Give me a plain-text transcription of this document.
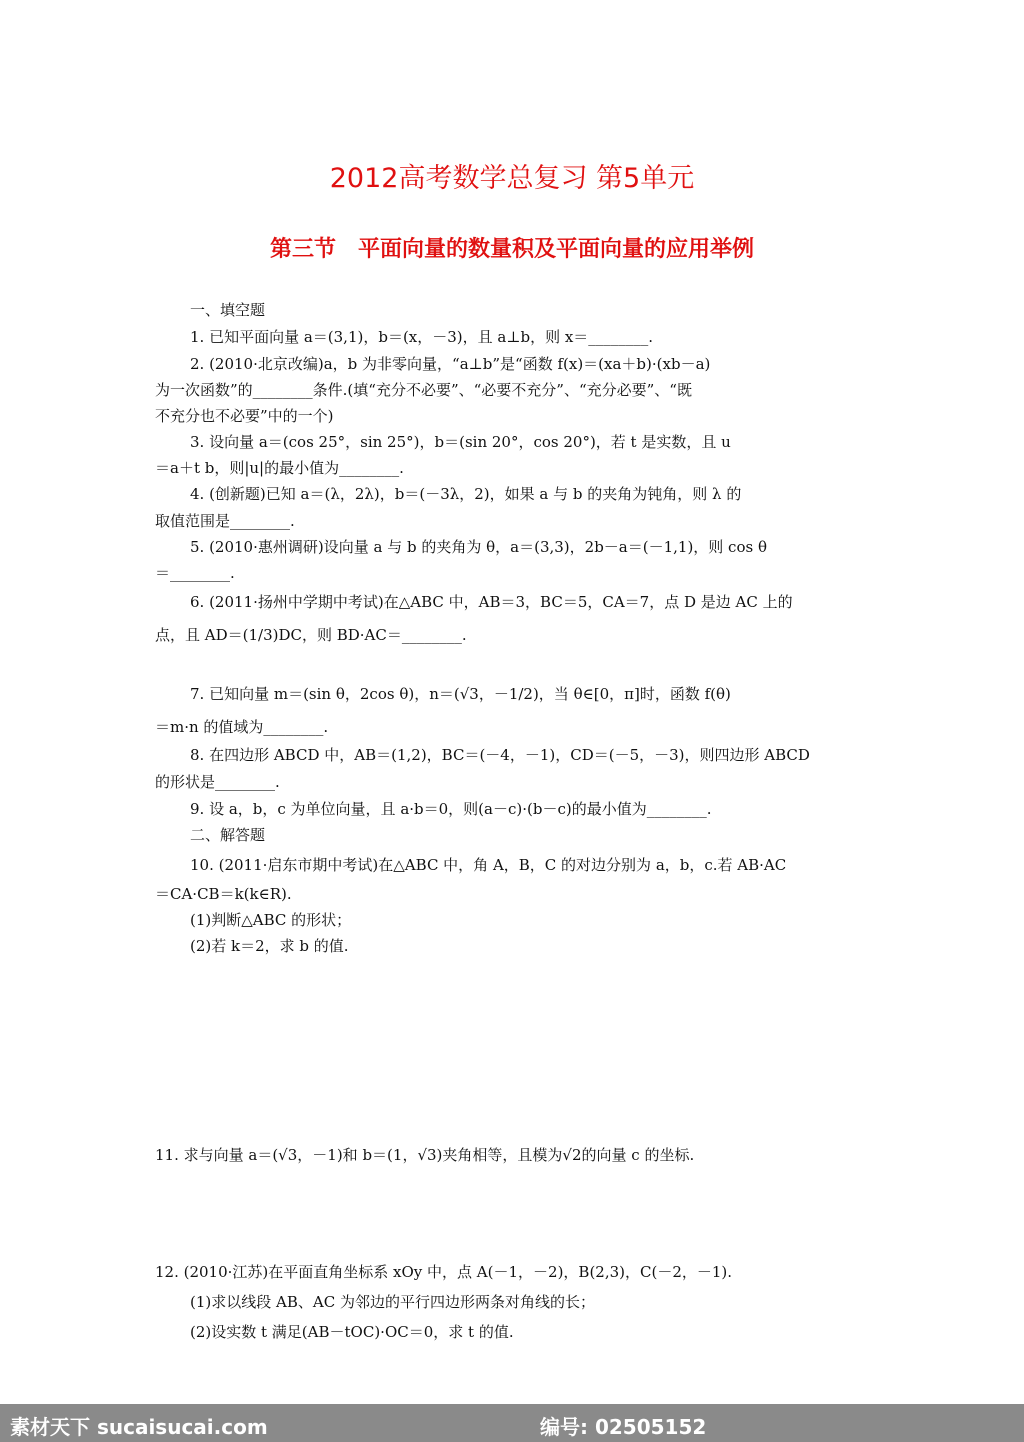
2012高考数学总复习 第5单元
第三节　平面向量的数量积及平面向量的应用举例
一、填空题
1. 已知平面向量 a＝(3,1)，b＝(x，－3)，且 a⊥b，则 x＝________.
2. (2010·北京改编)a，b 为非零向量，“a⊥b”是“函数 f(x)＝(xa＋b)·(xb－a)
为一次函数”的________条件.(填“充分不必要”、“必要不充分”、“充分必要”、“既
不充分也不必要”中的一个)
3. 设向量 a＝(cos 25°，sin 25°)，b＝(sin 20°，cos 20°)，若 t 是实数，且 u
＝a＋t b，则|u|的最小值为________.
4. (创新题)已知 a＝(λ，2λ)，b＝(－3λ，2)，如果 a 与 b 的夹角为钝角，则 λ 的
取值范围是________.
5. (2010·惠州调研)设向量 a 与 b 的夹角为 θ，a＝(3,3)，2b－a＝(－1,1)，则 cos θ
＝________.
6. (2011·扬州中学期中考试)在△ABC 中，AB＝3，BC＝5，CA＝7，点 D 是边 AC 上的
点，且 AD＝(1/3)DC，则 BD·AC＝________.
7. 已知向量 m＝(sin θ，2cos θ)，n＝(√3，－1/2)，当 θ∈[0，π]时，函数 f(θ)
＝m·n 的值域为________.
8. 在四边形 ABCD 中，AB＝(1,2)，BC＝(－4，－1)，CD＝(－5，－3)，则四边形 ABCD
的形状是________.
9. 设 a，b，c 为单位向量，且 a·b＝0，则(a－c)·(b－c)的最小值为________.
二、解答题
10. (2011·启东市期中考试)在△ABC 中，角 A，B，C 的对边分别为 a，b，c.若 AB·AC
＝CA·CB＝k(k∈R).
(1)判断△ABC 的形状；
(2)若 k＝2，求 b 的值.
11. 求与向量 a＝(√3，－1)和 b＝(1，√3)夹角相等，且模为√2的向量 c 的坐标.
12. (2010·江苏)在平面直角坐标系 xOy 中，点 A(－1，－2)，B(2,3)，C(－2，－1).
(1)求以线段 AB、AC 为邻边的平行四边形两条对角线的长；
(2)设实数 t 满足(AB－tOC)·OC＝0，求 t 的值.
素材天下 sucaisucai.com	编号: 02505152
